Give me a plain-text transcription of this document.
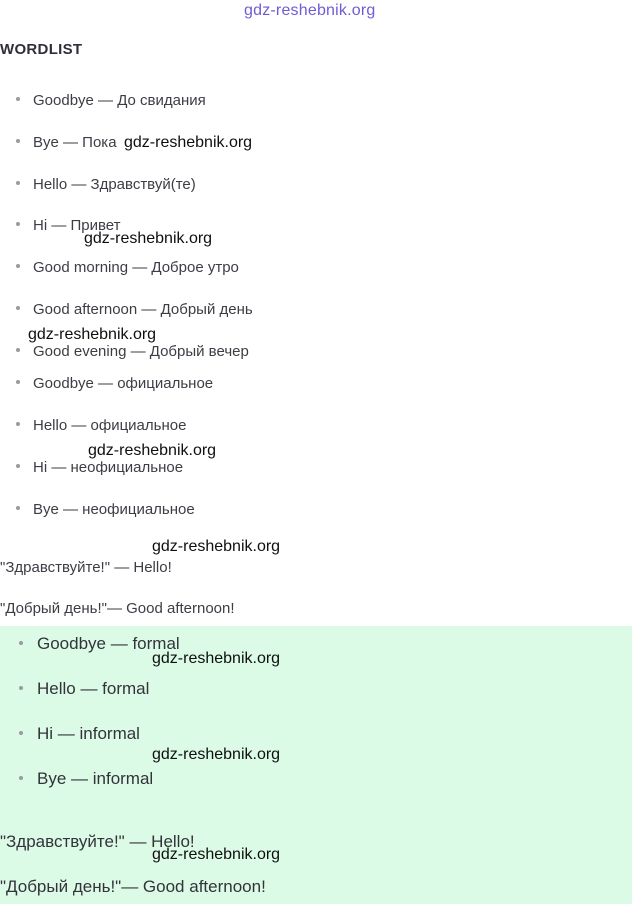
gdz-reshebnik.org
WORDLIST
Goodbye — До свидания
Bye — Пока
Hello — Здравствуй(те)
Hi — Привет
Good morning — Доброе утро
Good afternoon — Добрый день
Good evening — Добрый вечер
Goodbye — официальное
Hello — официальное
Hi — неофициальное
Bye — неофициальное
"Здравствуйте!" — Hello!
"Добрый день!"— Good afternoon!
Goodbye — formal
Hello — formal
Hi — informal
Bye — informal
"Здравствуйте!" — Hello!
"Добрый день!"— Good afternoon!
gdz-reshebnik.org
gdz-reshebnik.org
gdz-reshebnik.org
gdz-reshebnik.org
gdz-reshebnik.org
gdz-reshebnik.org
gdz-reshebnik.org
gdz-reshebnik.org
